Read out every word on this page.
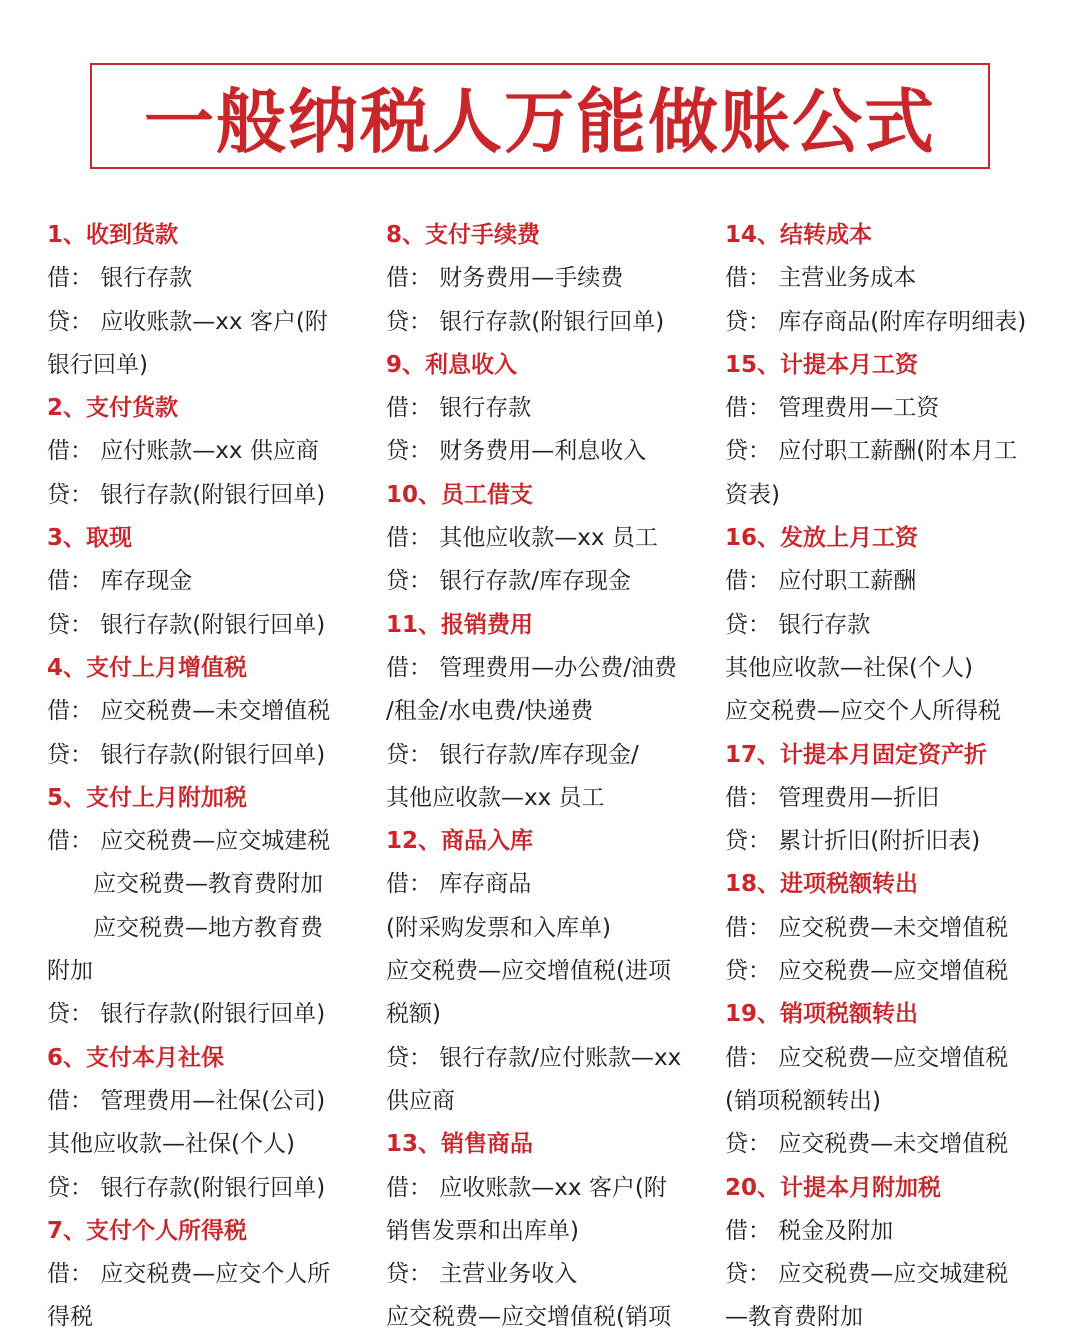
一般纳税人万能做账公式
1、收到货款
借： 银行存款
贷： 应收账款—xx 客户(附
银行回单)
2、支付货款
借： 应付账款—xx 供应商
贷： 银行存款(附银行回单)
3、取现
借： 库存现金
贷： 银行存款(附银行回单)
4、支付上月增值税
借： 应交税费—未交增值税
贷： 银行存款(附银行回单)
5、支付上月附加税
借： 应交税费—应交城建税
　　应交税费—教育费附加
　　应交税费—地方教育费
附加
贷： 银行存款(附银行回单)
6、支付本月社保
借： 管理费用—社保(公司)
其他应收款—社保(个人)
贷： 银行存款(附银行回单)
7、支付个人所得税
借： 应交税费—应交个人所
得税
8、支付手续费
借： 财务费用—手续费
贷： 银行存款(附银行回单)
9、利息收入
借： 银行存款
贷： 财务费用—利息收入
10、员工借支
借： 其他应收款—xx 员工
贷： 银行存款/库存现金
11、报销费用
借： 管理费用—办公费/油费
/租金/水电费/快递费
贷： 银行存款/库存现金/
其他应收款—xx 员工
12、商品入库
借： 库存商品
(附采购发票和入库单)
应交税费—应交增值税(进项
税额)
贷： 银行存款/应付账款—xx
供应商
13、销售商品
借： 应收账款—xx 客户(附
销售发票和出库单)
贷： 主营业务收入
应交税费—应交增值税(销项
14、结转成本
借： 主营业务成本
贷： 库存商品(附库存明细表)
15、计提本月工资
借： 管理费用—工资
贷： 应付职工薪酬(附本月工
资表)
16、发放上月工资
借： 应付职工薪酬
贷： 银行存款
其他应收款—社保(个人)
应交税费—应交个人所得税
17、计提本月固定资产折
借： 管理费用—折旧
贷： 累计折旧(附折旧表)
18、进项税额转出
借： 应交税费—未交增值税
贷： 应交税费—应交增值税
19、销项税额转出
借： 应交税费—应交增值税
(销项税额转出)
贷： 应交税费—未交增值税
20、计提本月附加税
借： 税金及附加
贷： 应交税费—应交城建税
—教育费附加
